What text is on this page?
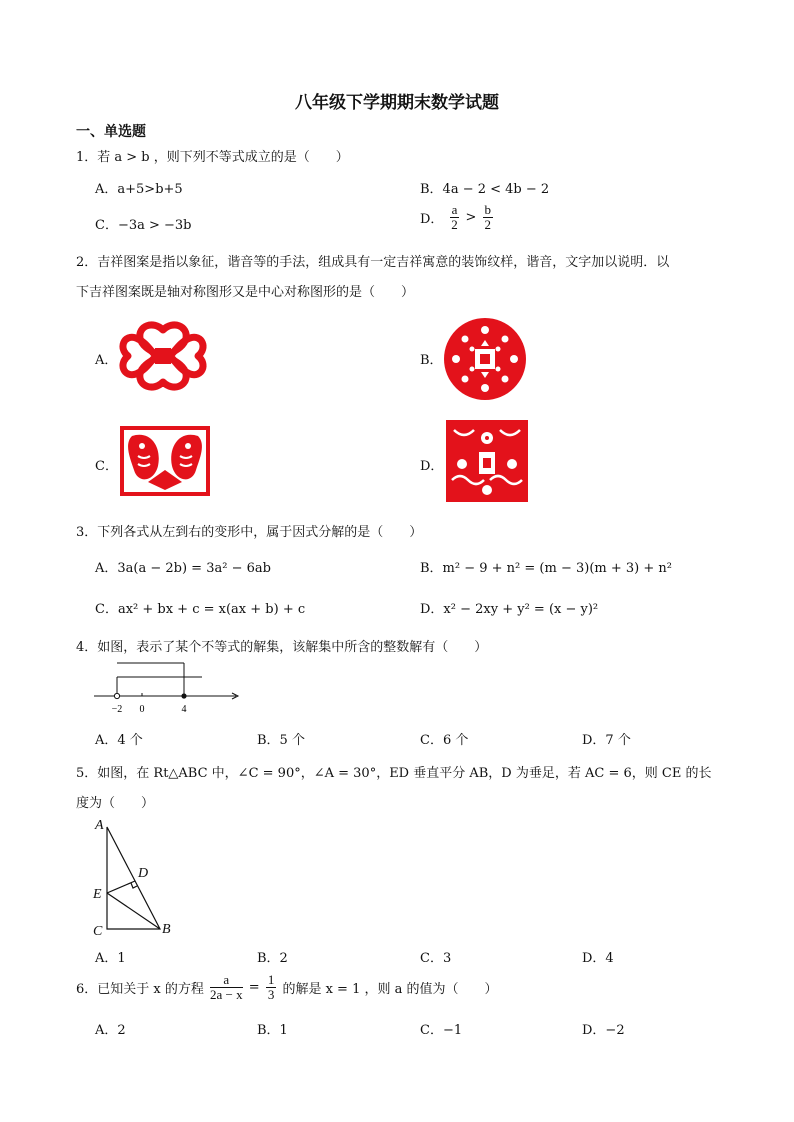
八年级下学期期末数学试题
一、单选题
1．若 a > b ，则下列不等式成立的是（　　）
A．a+5>b+5	B．4a − 2 < 4b − 2
C．−3a > −3b	D． $\frac{a}{2} > \frac{b}{2}$
2．吉祥图案是指以象征，谐音等的手法，组成具有一定吉祥寓意的装饰纹样，谐音，文字加以说明．以
下吉祥图案既是轴对称图形又是中心对称图形的是（　　）
A．	B．
C．	D．
3．下列各式从左到右的变形中，属于因式分解的是（　　）
A．3a(a − 2b) = 3a² − 6ab	B．m² − 9 + n² = (m − 3)(m + 3) + n²
C．ax² + bx + c = x(ax + b) + c	D．x² − 2xy + y² = (x − y)²
4．如图，表示了某个不等式的解集，该解集中所含的整数解有（　　）
−2 0	4
A．4 个	B．5 个	C．6 个	D．7 个
5．如图，在 Rt△ABC 中，∠C = 90°，∠A = 30°，ED 垂直平分 AB，D 为垂足，若 AC = 6，则 CE 的长
度为（　　）
A
D
E
C	B
A．1	B．2	C．3	D．4
6．已知关于 x 的方程 $\frac{a}{2a - x} = \frac{1}{3}$ 的解是 x = 1 ，则 a 的值为（　　）
A．2	B．1	C．−1	D．−2
